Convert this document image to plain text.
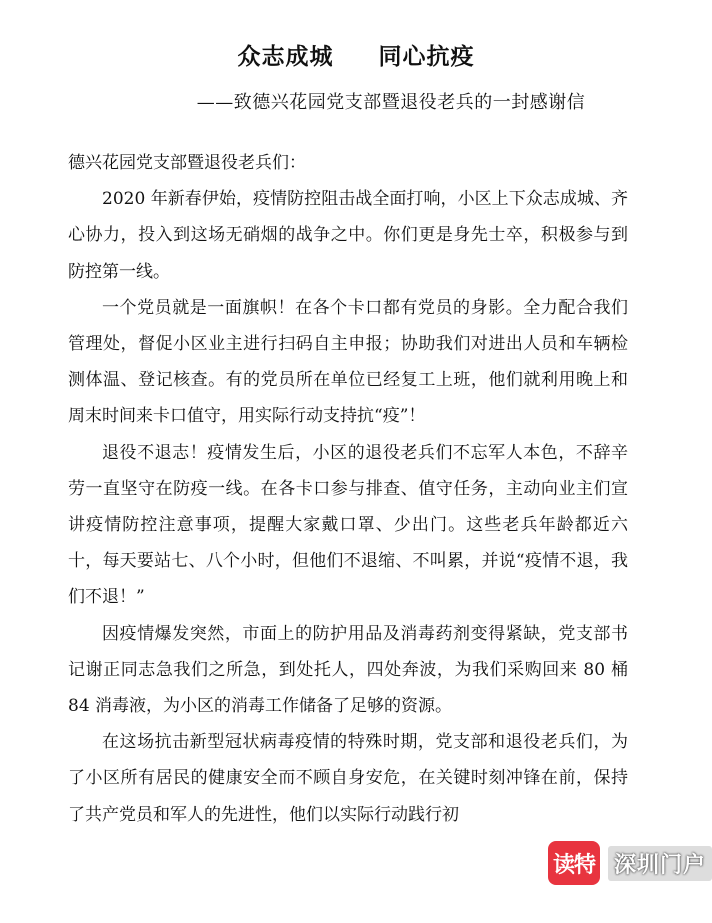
众志成城     同心抗疫
——致德兴花园党支部暨退役老兵的一封感谢信

德兴花园党支部暨退役老兵们：

2020 年新春伊始，疫情防控阻击战全面打响，小区上下众志成城、齐心协力，投入到这场无硝烟的战争之中。你们更是身先士卒，积极参与到防控第一线。

一个党员就是一面旗帜！在各个卡口都有党员的身影。全力配合我们管理处，督促小区业主进行扫码自主申报；协助我们对进出人员和车辆检测体温、登记核查。有的党员所在单位已经复工上班，他们就利用晚上和周末时间来卡口值守，用实际行动支持抗“疫”！

退役不退志！疫情发生后，小区的退役老兵们不忘军人本色，不辞辛劳一直坚守在防疫一线。在各卡口参与排查、值守任务，主动向业主们宣讲疫情防控注意事项，提醒大家戴口罩、少出门。这些老兵年龄都近六十，每天要站七、八个小时，但他们不退缩、不叫累，并说“疫情不退，我们不退！”

因疫情爆发突然，市面上的防护用品及消毒药剂变得紧缺，党支部书记谢正同志急我们之所急，到处托人，四处奔波，为我们采购回来 80 桶 84 消毒液，为小区的消毒工作储备了足够的资源。

在这场抗击新型冠状病毒疫情的特殊时期，党支部和退役老兵们，为了小区所有居民的健康安全而不顾自身安危，在关键时刻冲锋在前，保持了共产党员和军人的先进性，他们以实际行动践行初

读特 深圳门户
